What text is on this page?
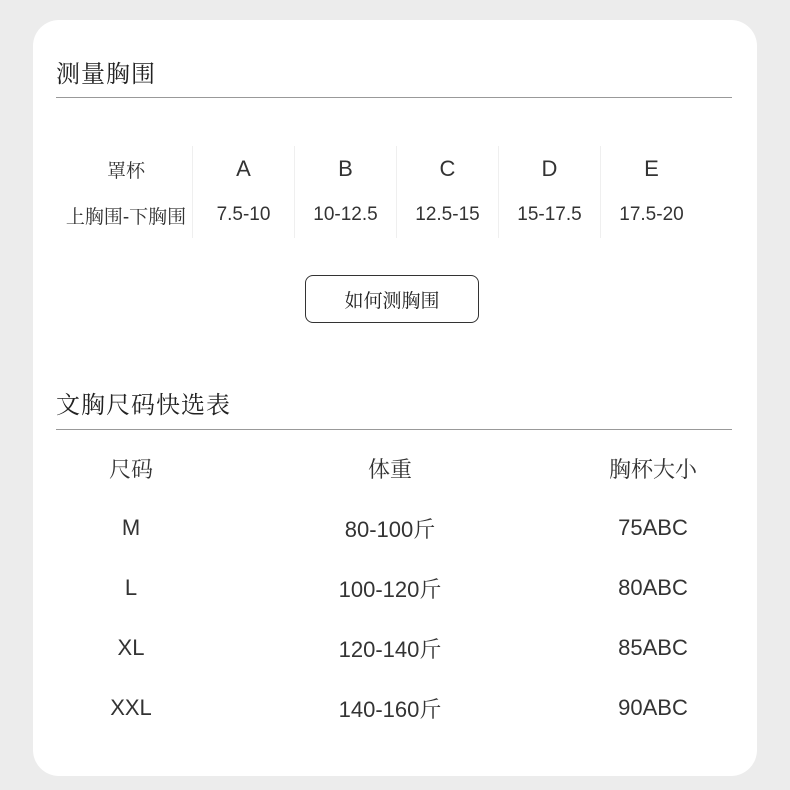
测量胸围
罩杯	A	B	C	D	E
上胸围-下胸围	7.5-10	10-12.5	12.5-15	15-17.5	17.5-20
如何测胸围
文胸尺码快选表
尺码	体重	胸杯大小
M	80-100斤	75ABC
L	100-120斤	80ABC
XL	120-140斤	85ABC
XXL	140-160斤	90ABC
